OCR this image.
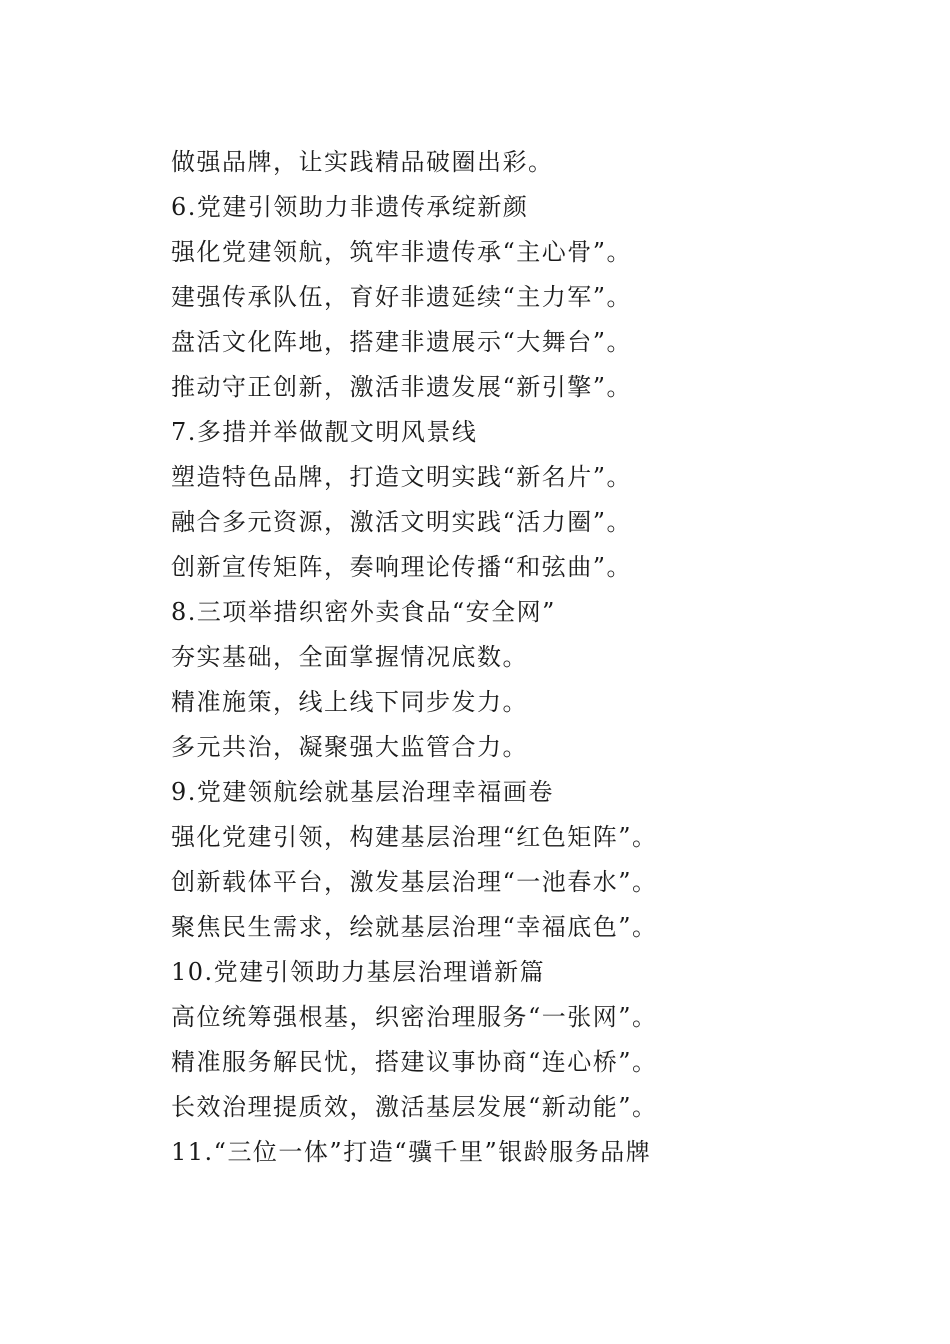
做强品牌，让实践精品破圈出彩。
6.党建引领助力非遗传承绽新颜
强化党建领航，筑牢非遗传承“主心骨”。
建强传承队伍，育好非遗延续“主力军”。
盘活文化阵地，搭建非遗展示“大舞台”。
推动守正创新，激活非遗发展“新引擎”。
7.多措并举做靓文明风景线
塑造特色品牌，打造文明实践“新名片”。
融合多元资源，激活文明实践“活力圈”。
创新宣传矩阵，奏响理论传播“和弦曲”。
8.三项举措织密外卖食品“安全网”
夯实基础，全面掌握情况底数。
精准施策，线上线下同步发力。
多元共治，凝聚强大监管合力。
9.党建领航绘就基层治理幸福画卷
强化党建引领，构建基层治理“红色矩阵”。
创新载体平台，激发基层治理“一池春水”。
聚焦民生需求，绘就基层治理“幸福底色”。
10.党建引领助力基层治理谱新篇
高位统筹强根基，织密治理服务“一张网”。
精准服务解民忧，搭建议事协商“连心桥”。
长效治理提质效，激活基层发展“新动能”。
11.“三位一体”打造“骥千里”银龄服务品牌
